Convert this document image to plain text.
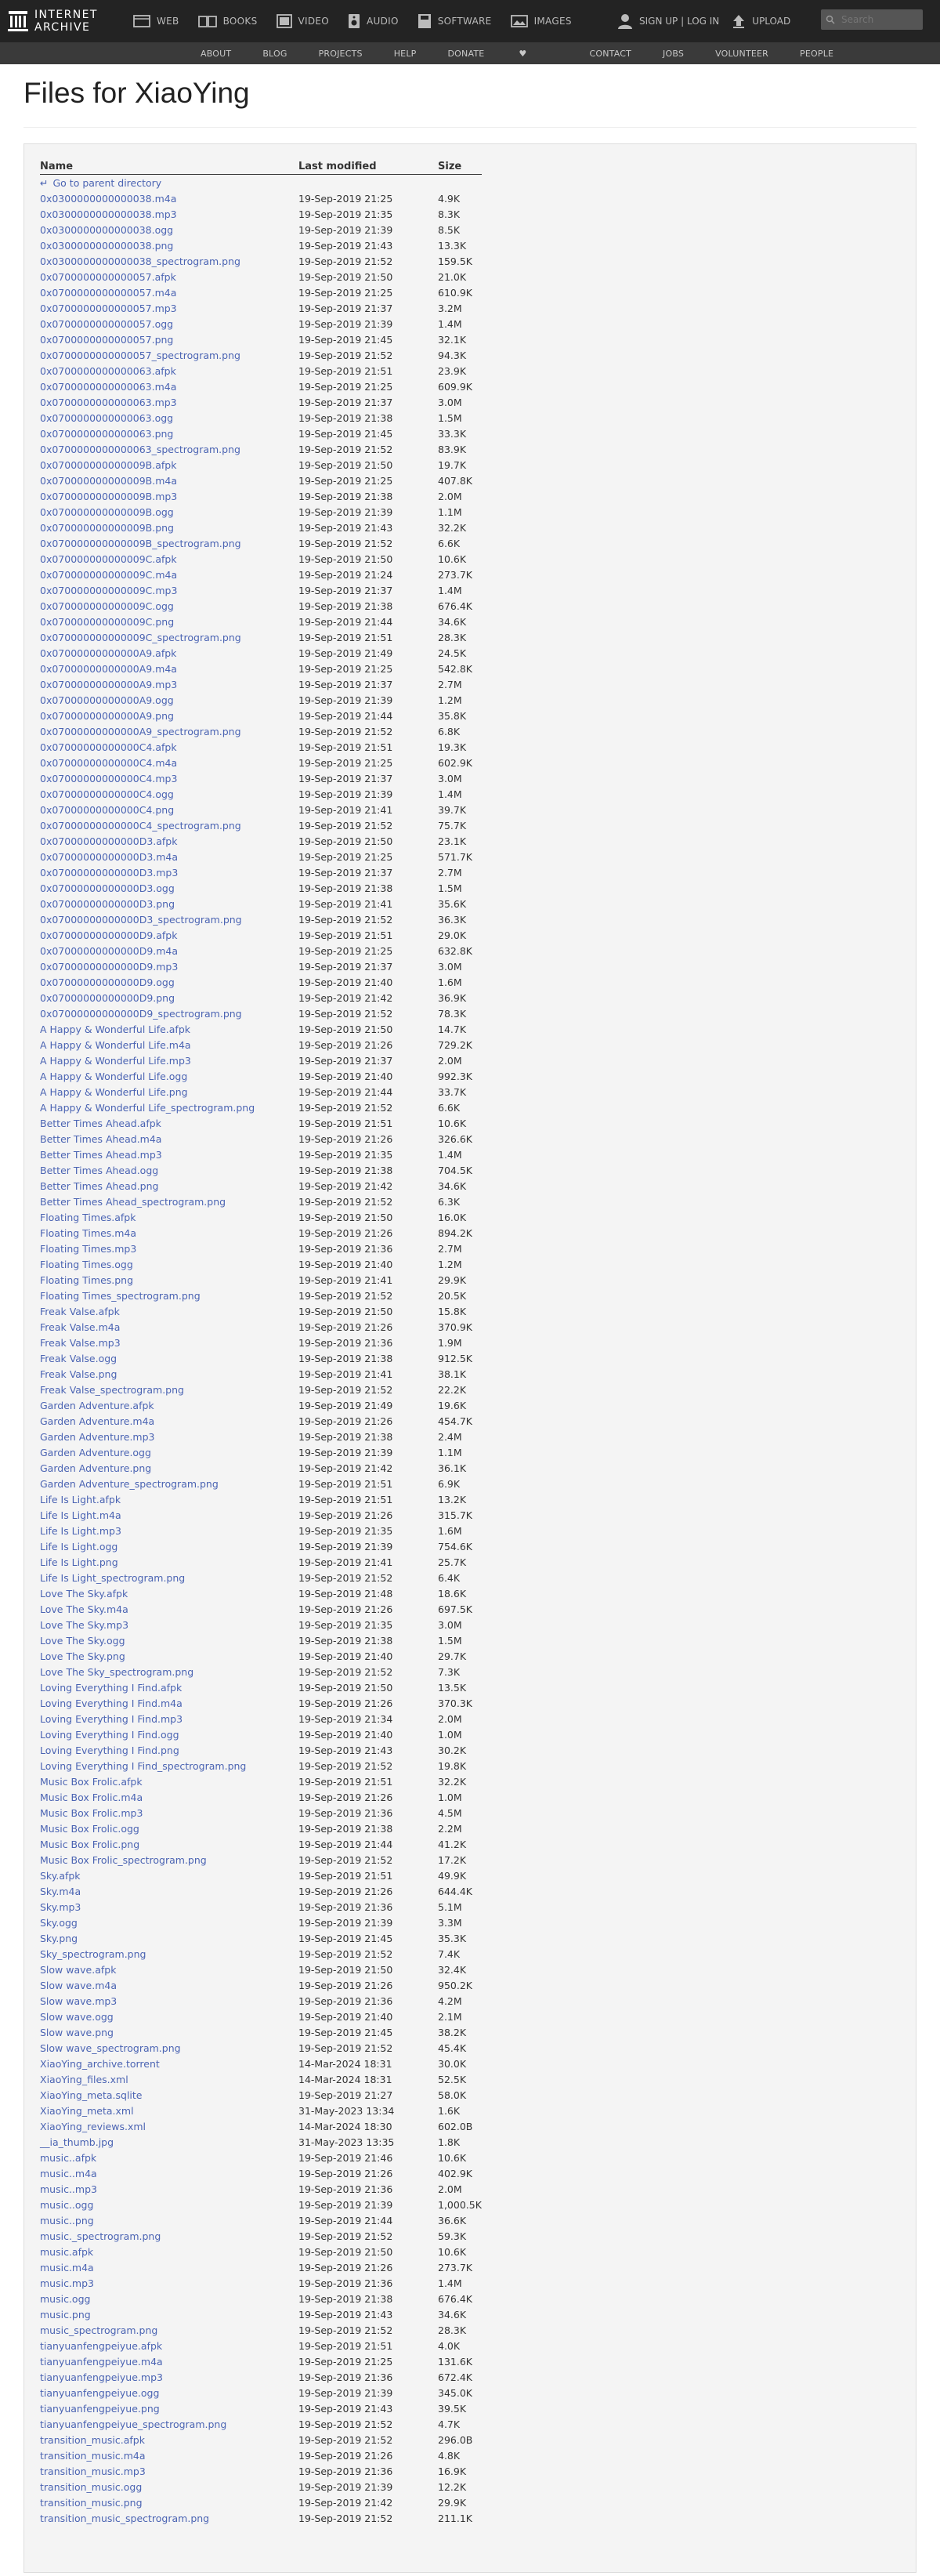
INTERNET
ARCHIVE	WEB	BOOKS	VIDEO	AUDIO	SOFTWARE	IMAGES	SIGN UP | LOG IN	UPLOAD
Search
ABOUT	BLOG	PROJECTS	HELP	DONATE	♥	CONTACT	JOBS	VOLUNTEER	PEOPLE
Files for XiaoYing
Name	Last modified	Size
↵ Go to parent directory		
0x0300000000000038.m4a	19-Sep-2019 21:25	4.9K
0x0300000000000038.mp3	19-Sep-2019 21:35	8.3K
0x0300000000000038.ogg	19-Sep-2019 21:39	8.5K
0x0300000000000038.png	19-Sep-2019 21:43	13.3K
0x0300000000000038_spectrogram.png	19-Sep-2019 21:52	159.5K
0x0700000000000057.afpk	19-Sep-2019 21:50	21.0K
0x0700000000000057.m4a	19-Sep-2019 21:25	610.9K
0x0700000000000057.mp3	19-Sep-2019 21:37	3.2M
0x0700000000000057.ogg	19-Sep-2019 21:39	1.4M
0x0700000000000057.png	19-Sep-2019 21:45	32.1K
0x0700000000000057_spectrogram.png	19-Sep-2019 21:52	94.3K
0x0700000000000063.afpk	19-Sep-2019 21:51	23.9K
0x0700000000000063.m4a	19-Sep-2019 21:25	609.9K
0x0700000000000063.mp3	19-Sep-2019 21:37	3.0M
0x0700000000000063.ogg	19-Sep-2019 21:38	1.5M
0x0700000000000063.png	19-Sep-2019 21:45	33.3K
0x0700000000000063_spectrogram.png	19-Sep-2019 21:52	83.9K
0x070000000000009B.afpk	19-Sep-2019 21:50	19.7K
0x070000000000009B.m4a	19-Sep-2019 21:25	407.8K
0x070000000000009B.mp3	19-Sep-2019 21:38	2.0M
0x070000000000009B.ogg	19-Sep-2019 21:39	1.1M
0x070000000000009B.png	19-Sep-2019 21:43	32.2K
0x070000000000009B_spectrogram.png	19-Sep-2019 21:52	6.6K
0x070000000000009C.afpk	19-Sep-2019 21:50	10.6K
0x070000000000009C.m4a	19-Sep-2019 21:24	273.7K
0x070000000000009C.mp3	19-Sep-2019 21:37	1.4M
0x070000000000009C.ogg	19-Sep-2019 21:38	676.4K
0x070000000000009C.png	19-Sep-2019 21:44	34.6K
0x070000000000009C_spectrogram.png	19-Sep-2019 21:51	28.3K
0x07000000000000A9.afpk	19-Sep-2019 21:49	24.5K
0x07000000000000A9.m4a	19-Sep-2019 21:25	542.8K
0x07000000000000A9.mp3	19-Sep-2019 21:37	2.7M
0x07000000000000A9.ogg	19-Sep-2019 21:39	1.2M
0x07000000000000A9.png	19-Sep-2019 21:44	35.8K
0x07000000000000A9_spectrogram.png	19-Sep-2019 21:52	6.8K
0x07000000000000C4.afpk	19-Sep-2019 21:51	19.3K
0x07000000000000C4.m4a	19-Sep-2019 21:25	602.9K
0x07000000000000C4.mp3	19-Sep-2019 21:37	3.0M
0x07000000000000C4.ogg	19-Sep-2019 21:39	1.4M
0x07000000000000C4.png	19-Sep-2019 21:41	39.7K
0x07000000000000C4_spectrogram.png	19-Sep-2019 21:52	75.7K
0x07000000000000D3.afpk	19-Sep-2019 21:50	23.1K
0x07000000000000D3.m4a	19-Sep-2019 21:25	571.7K
0x07000000000000D3.mp3	19-Sep-2019 21:37	2.7M
0x07000000000000D3.ogg	19-Sep-2019 21:38	1.5M
0x07000000000000D3.png	19-Sep-2019 21:41	35.6K
0x07000000000000D3_spectrogram.png	19-Sep-2019 21:52	36.3K
0x07000000000000D9.afpk	19-Sep-2019 21:51	29.0K
0x07000000000000D9.m4a	19-Sep-2019 21:25	632.8K
0x07000000000000D9.mp3	19-Sep-2019 21:37	3.0M
0x07000000000000D9.ogg	19-Sep-2019 21:40	1.6M
0x07000000000000D9.png	19-Sep-2019 21:42	36.9K
0x07000000000000D9_spectrogram.png	19-Sep-2019 21:52	78.3K
A Happy & Wonderful Life.afpk	19-Sep-2019 21:50	14.7K
A Happy & Wonderful Life.m4a	19-Sep-2019 21:26	729.2K
A Happy & Wonderful Life.mp3	19-Sep-2019 21:37	2.0M
A Happy & Wonderful Life.ogg	19-Sep-2019 21:40	992.3K
A Happy & Wonderful Life.png	19-Sep-2019 21:44	33.7K
A Happy & Wonderful Life_spectrogram.png	19-Sep-2019 21:52	6.6K
Better Times Ahead.afpk	19-Sep-2019 21:51	10.6K
Better Times Ahead.m4a	19-Sep-2019 21:26	326.6K
Better Times Ahead.mp3	19-Sep-2019 21:35	1.4M
Better Times Ahead.ogg	19-Sep-2019 21:38	704.5K
Better Times Ahead.png	19-Sep-2019 21:42	34.6K
Better Times Ahead_spectrogram.png	19-Sep-2019 21:52	6.3K
Floating Times.afpk	19-Sep-2019 21:50	16.0K
Floating Times.m4a	19-Sep-2019 21:26	894.2K
Floating Times.mp3	19-Sep-2019 21:36	2.7M
Floating Times.ogg	19-Sep-2019 21:40	1.2M
Floating Times.png	19-Sep-2019 21:41	29.9K
Floating Times_spectrogram.png	19-Sep-2019 21:52	20.5K
Freak Valse.afpk	19-Sep-2019 21:50	15.8K
Freak Valse.m4a	19-Sep-2019 21:26	370.9K
Freak Valse.mp3	19-Sep-2019 21:36	1.9M
Freak Valse.ogg	19-Sep-2019 21:38	912.5K
Freak Valse.png	19-Sep-2019 21:41	38.1K
Freak Valse_spectrogram.png	19-Sep-2019 21:52	22.2K
Garden Adventure.afpk	19-Sep-2019 21:49	19.6K
Garden Adventure.m4a	19-Sep-2019 21:26	454.7K
Garden Adventure.mp3	19-Sep-2019 21:38	2.4M
Garden Adventure.ogg	19-Sep-2019 21:39	1.1M
Garden Adventure.png	19-Sep-2019 21:42	36.1K
Garden Adventure_spectrogram.png	19-Sep-2019 21:51	6.9K
Life Is Light.afpk	19-Sep-2019 21:51	13.2K
Life Is Light.m4a	19-Sep-2019 21:26	315.7K
Life Is Light.mp3	19-Sep-2019 21:35	1.6M
Life Is Light.ogg	19-Sep-2019 21:39	754.6K
Life Is Light.png	19-Sep-2019 21:41	25.7K
Life Is Light_spectrogram.png	19-Sep-2019 21:52	6.4K
Love The Sky.afpk	19-Sep-2019 21:48	18.6K
Love The Sky.m4a	19-Sep-2019 21:26	697.5K
Love The Sky.mp3	19-Sep-2019 21:35	3.0M
Love The Sky.ogg	19-Sep-2019 21:38	1.5M
Love The Sky.png	19-Sep-2019 21:40	29.7K
Love The Sky_spectrogram.png	19-Sep-2019 21:52	7.3K
Loving Everything I Find.afpk	19-Sep-2019 21:50	13.5K
Loving Everything I Find.m4a	19-Sep-2019 21:26	370.3K
Loving Everything I Find.mp3	19-Sep-2019 21:34	2.0M
Loving Everything I Find.ogg	19-Sep-2019 21:40	1.0M
Loving Everything I Find.png	19-Sep-2019 21:43	30.2K
Loving Everything I Find_spectrogram.png	19-Sep-2019 21:52	19.8K
Music Box Frolic.afpk	19-Sep-2019 21:51	32.2K
Music Box Frolic.m4a	19-Sep-2019 21:26	1.0M
Music Box Frolic.mp3	19-Sep-2019 21:36	4.5M
Music Box Frolic.ogg	19-Sep-2019 21:38	2.2M
Music Box Frolic.png	19-Sep-2019 21:44	41.2K
Music Box Frolic_spectrogram.png	19-Sep-2019 21:52	17.2K
Sky.afpk	19-Sep-2019 21:51	49.9K
Sky.m4a	19-Sep-2019 21:26	644.4K
Sky.mp3	19-Sep-2019 21:36	5.1M
Sky.ogg	19-Sep-2019 21:39	3.3M
Sky.png	19-Sep-2019 21:45	35.3K
Sky_spectrogram.png	19-Sep-2019 21:52	7.4K
Slow wave.afpk	19-Sep-2019 21:50	32.4K
Slow wave.m4a	19-Sep-2019 21:26	950.2K
Slow wave.mp3	19-Sep-2019 21:36	4.2M
Slow wave.ogg	19-Sep-2019 21:40	2.1M
Slow wave.png	19-Sep-2019 21:45	38.2K
Slow wave_spectrogram.png	19-Sep-2019 21:52	45.4K
XiaoYing_archive.torrent	14-Mar-2024 18:31	30.0K
XiaoYing_files.xml	14-Mar-2024 18:31	52.5K
XiaoYing_meta.sqlite	19-Sep-2019 21:27	58.0K
XiaoYing_meta.xml	31-May-2023 13:34	1.6K
XiaoYing_reviews.xml	14-Mar-2024 18:30	602.0B
__ia_thumb.jpg	31-May-2023 13:35	1.8K
music..afpk	19-Sep-2019 21:46	10.6K
music..m4a	19-Sep-2019 21:26	402.9K
music..mp3	19-Sep-2019 21:36	2.0M
music..ogg	19-Sep-2019 21:39	1,000.5K
music..png	19-Sep-2019 21:44	36.6K
music._spectrogram.png	19-Sep-2019 21:52	59.3K
music.afpk	19-Sep-2019 21:50	10.6K
music.m4a	19-Sep-2019 21:26	273.7K
music.mp3	19-Sep-2019 21:36	1.4M
music.ogg	19-Sep-2019 21:38	676.4K
music.png	19-Sep-2019 21:43	34.6K
music_spectrogram.png	19-Sep-2019 21:52	28.3K
tianyuanfengpeiyue.afpk	19-Sep-2019 21:51	4.0K
tianyuanfengpeiyue.m4a	19-Sep-2019 21:25	131.6K
tianyuanfengpeiyue.mp3	19-Sep-2019 21:36	672.4K
tianyuanfengpeiyue.ogg	19-Sep-2019 21:39	345.0K
tianyuanfengpeiyue.png	19-Sep-2019 21:43	39.5K
tianyuanfengpeiyue_spectrogram.png	19-Sep-2019 21:52	4.7K
transition_music.afpk	19-Sep-2019 21:52	296.0B
transition_music.m4a	19-Sep-2019 21:26	4.8K
transition_music.mp3	19-Sep-2019 21:36	16.9K
transition_music.ogg	19-Sep-2019 21:39	12.2K
transition_music.png	19-Sep-2019 21:42	29.9K
transition_music_spectrogram.png	19-Sep-2019 21:52	211.1K
